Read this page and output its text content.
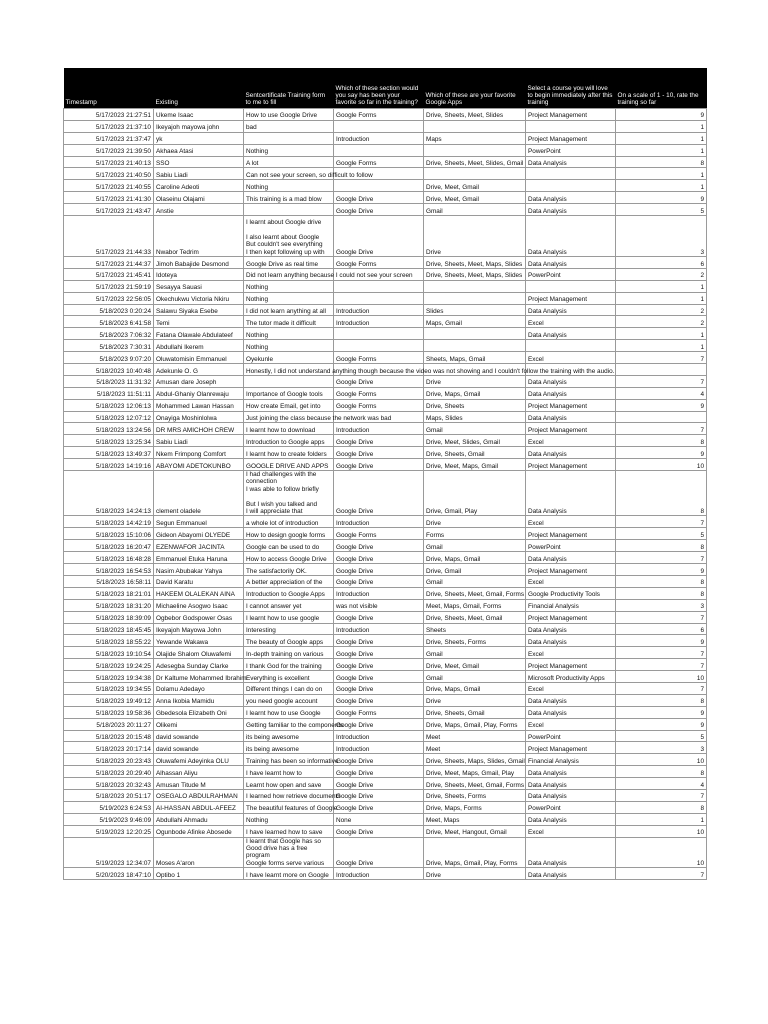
Timestamp	Existing	Sentcertificate Training form to me to fill	Which of these section would you say has been your favorite so far in the training?	Which of these are your favorite Google Apps	Select a course you will love to begin immediately after this training	On a scale of 1 - 10, rate the training so far
5/17/2023 21:27:51	Ukeme Isaac	How to use Google Drive	Google Forms	Drive, Sheets, Meet, Slides	Project Management	9
5/17/2023 21:37:10	Ikeyajoh mayowa john	bad				1
5/17/2023 21:37:47	yk		Introduction	Maps	Project Management	1
5/17/2023 21:39:50	Akhaea Atasi	Nothing			PowerPoint	1
5/17/2023 21:40:13	SSO	A lot	Google Forms	Drive, Sheets, Meet, Slides, Gmail	Data Analysis	8
5/17/2023 21:40:50	Sabiu Liadi	Can not see your screen, so difficult to follow				1
5/17/2023 21:40:55	Caroline Adeoti	Nothing		Drive, Meet, Gmail		1
5/17/2023 21:41:30	Olaseinu Olajami	This training is a mad blow	Google Drive	Drive, Meet, Gmail	Data Analysis	9
5/17/2023 21:43:47	Anstie		Google Drive	Gmail	Data Analysis	5
5/17/2023 21:44:33	Nwabor Tedrim	I learnt about Google drive

I also learnt about Google
But couldn't see everything
I then kept following up with	Google Drive	Drive	Data Analysis	3
5/17/2023 21:44:37	Jimoh Babajide Desmond	Google Drive as real time	Google Forms	Drive, Sheets, Meet, Maps, Slides	Data Analysis	6
5/17/2023 21:45:41	Idoteya	Did not learn anything because I could not see your screen		Drive, Sheets, Meet, Maps, Slides	PowerPoint	2
5/17/2023 21:59:19	Sesayya Sauasi	Nothing				1
5/17/2023 22:56:05	Okechukwu Victoria Nkiru	Nothing			Project Management	1
5/18/2023 0:20:24	Salawu Siyaka Esebe	I did not learn anything at all	Introduction	Slides	Data Analysis	2
5/18/2023 6:41:58	Temi	The tutor made it difficult	Introduction	Maps, Gmail	Excel	2
5/18/2023 7:06:32	Fatana Olawale Abdulateef	Nothing			Data Analysis	1
5/18/2023 7:30:31	Abdullahi Ikerem	Nothing				1
5/18/2023 9:07:20	Oluwatomisin Emmanuel	Oyekunle	Google Forms	Sheets, Maps, Gmail	Excel	7
5/18/2023 10:40:48	Adekunle O. G	Honestly, I did not understand anything though because the video was not showing and I couldn't follow the training with the audio.				
5/18/2023 11:31:32	Amusan dare Joseph		Google Drive	Drive	Data Analysis	7
5/18/2023 11:51:11	Abdul-Ghaniy Olanrewaju	Importance of Google tools	Google Forms	Drive, Maps, Gmail	Data Analysis	4
5/18/2023 12:06:13	Mohammed Lawan Hassan	How create Email, get into	Google Forms	Drive, Sheets	Project Management	9
5/18/2023 12:07:12	Onayiga Moshinlolwa	Just joining the class because the network was bad		Maps, Slides	Data Analysis	
5/18/2023 13:24:56	DR MRS AMICHOH CREW	I learnt how to download	Introduction	Gmail	Project Management	7
5/18/2023 13:25:34	Sabiu Liadi	Introduction to Google apps	Google Drive	Drive, Meet, Slides, Gmail	Excel	8
5/18/2023 13:49:37	Nkem Frimpong Comfort	I learnt how to create folders	Google Drive	Drive, Sheets, Gmail	Data Analysis	9
5/18/2023 14:19:16	ABAYOMI ADETOKUNBO	GOOGLE DRIVE AND APPS	Google Drive	Drive, Meet, Maps, Gmail	Project Management	10
5/18/2023 14:24:13	clement oladele	I had challenges with the connection
I was able to follow briefly

But I wish you talked and
I will appreciate that	Google Drive	Drive, Gmail, Play	Data Analysis	8
5/18/2023 14:42:19	Segun Emmanuel	a whole lot of introduction	Introduction	Drive	Excel	7
5/18/2023 15:10:06	Gideon Abayomi OLYEDE	How to design google forms	Google Forms	Forms	Project Management	5
5/18/2023 16:20:47	EZENWAFOR JACINTA	Google can be used to do	Google Drive	Gmail	PowerPoint	8
5/18/2023 16:48:28	Emmanuel Etuka Haruna	How to access Google Drive	Google Drive	Drive, Maps, Gmail	Data Analysis	7
5/18/2023 16:54:53	Nasim Abubakar Yahya	The satisfactorily OK.	Google Drive	Drive, Gmail	Project Management	9
5/18/2023 16:58:11	David Karatu	A better appreciation of the	Google Drive	Gmail	Excel	8
5/18/2023 18:21:01	HAKEEM OLALEKAN AINA	Introduction to Google Apps	Introduction	Drive, Sheets, Meet, Gmail, Forms	Google Productivity Tools	8
5/18/2023 18:31:20	Michaeline Asogwo Isaac	I cannot answer yet	was not visible	Meet, Maps, Gmail, Forms	Financial Analysis	3
5/18/2023 18:39:09	Ogbebor Godspower Osas	I learnt how to use google	Google Drive	Drive, Sheets, Meet, Gmail	Project Management	7
5/18/2023 18:45:45	Ikeyajoh Mayowa John	Interesting	Introduction	Sheets	Data Analysis	6
5/18/2023 18:55:22	Yewande Wakawa	The beauty of Google apps	Google Drive	Drive, Sheets, Forms	Data Analysis	9
5/18/2023 19:10:54	Olajide Shalom Oluwafemi	In-depth training on various	Google Drive	Gmail	Excel	7
5/18/2023 19:24:25	Adesegba Sunday Clarke	I thank God for the training	Google Drive	Drive, Meet, Gmail	Project Management	7
5/18/2023 19:34:38	Dr Kaltume Mohammed Ibrahim	Everything is excellent	Google Drive	Gmail	Microsoft Productivity Apps	10
5/18/2023 19:34:55	Dolamu Adedayo	Different things I can do on	Google Drive	Drive, Maps, Gmail	Excel	7
5/18/2023 19:49:12	Anna Ikobia Mamidu	you need google account	Google Drive	Drive	Data Analysis	8
5/18/2023 19:58:36	Gbedesola Elizabeth Oni	I learnt how to use Google	Google Forms	Drive, Sheets, Gmail	Data Analysis	9
5/18/2023 20:11:27	Olikemi	Getting familiar to the components	Google Drive	Drive, Maps, Gmail, Play, Forms	Excel	9
5/18/2023 20:15:48	david sowande	its being awesome	Introduction	Meet	PowerPoint	5
5/18/2023 20:17:14	david sowande	its being awesome	Introduction	Meet	Project Management	3
5/18/2023 20:23:43	Oluwafemi Adeyinka OLU	Training has been so informative	Google Drive	Drive, Sheets, Maps, Slides, Gmail	Financial Analysis	10
5/18/2023 20:29:40	Alhassan Aliyu	I have learnt how to	Google Drive	Drive, Meet, Maps, Gmail, Play	Data Analysis	8
5/18/2023 20:32:43	Amusan Titude M	Learnt how open and save	Google Drive	Drive, Sheets, Meet, Gmail, Forms	Data Analysis	4
5/18/2023 20:51:17	OSEGALO ABDULRAHMAN	I learned how retrieve documents	Google Drive	Drive, Sheets, Forms	Data Analysis	7
5/19/2023 6:24:53	AI-HASSAN ABDUL-AFEEZ	The beautiful features of Google	Google Drive	Drive, Maps, Forms	PowerPoint	8
5/19/2023 9:46:09	Abdullahi Ahmadu	Nothing	None	Meet, Maps	Data Analysis	1
5/19/2023 12:20:25	Ogunbode Afinke Abosede	I have learned how to save	Google Drive	Drive, Meet, Hangout, Gmail	Excel	10
5/19/2023 12:34:07	Moses A'aron	I learnt that Google has so
Good drive has a free program
Google forms serve various	Google Drive	Drive, Maps, Gmail, Play, Forms	Data Analysis	10
5/20/2023 18:47:10	Optibo 1	I have learnt more on Google	Introduction	Drive	Data Analysis	7
